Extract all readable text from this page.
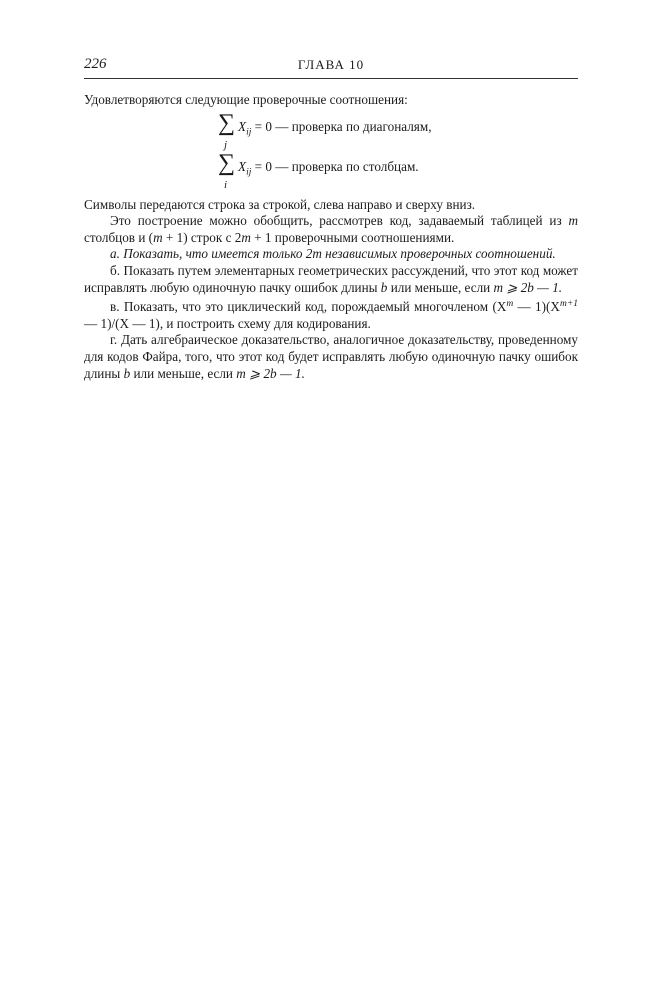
226	ГЛАВА 10

Удовлетворяются следующие проверочные соотношения:

∑
j
$X_{ij} = 0$ — проверка по диагоналям,
∑
i
$X_{ij} = 0$ — проверка по столбцам.

Символы передаются строка за строкой, слева направо и сверху вниз.

Это построение можно обобщить, рассмотрев код, задаваемый таблицей из m столбцов и (m + 1) строк с 2m + 1 проверочными соотношениями.

а. Показать, что имеется только 2m независимых проверочных соотношений.

б. Показать путем элементарных геометрических рассуждений, что этот код может исправлять любую одиночную пачку ошибок длины b или меньше, если m ⩾ 2b — 1.

в. Показать, что это циклический код, порождаемый многочленом ($X^m$ — $1)(X^{m+1}$ — 1)/(X — 1), и построить схему для кодирования.

г. Дать алгебраическое доказательство, аналогичное доказательству, проведенному для кодов Файра, того, что этот код будет исправлять любую одиночную пачку ошибок длины b или меньше, если m ⩾ 2b — 1.
